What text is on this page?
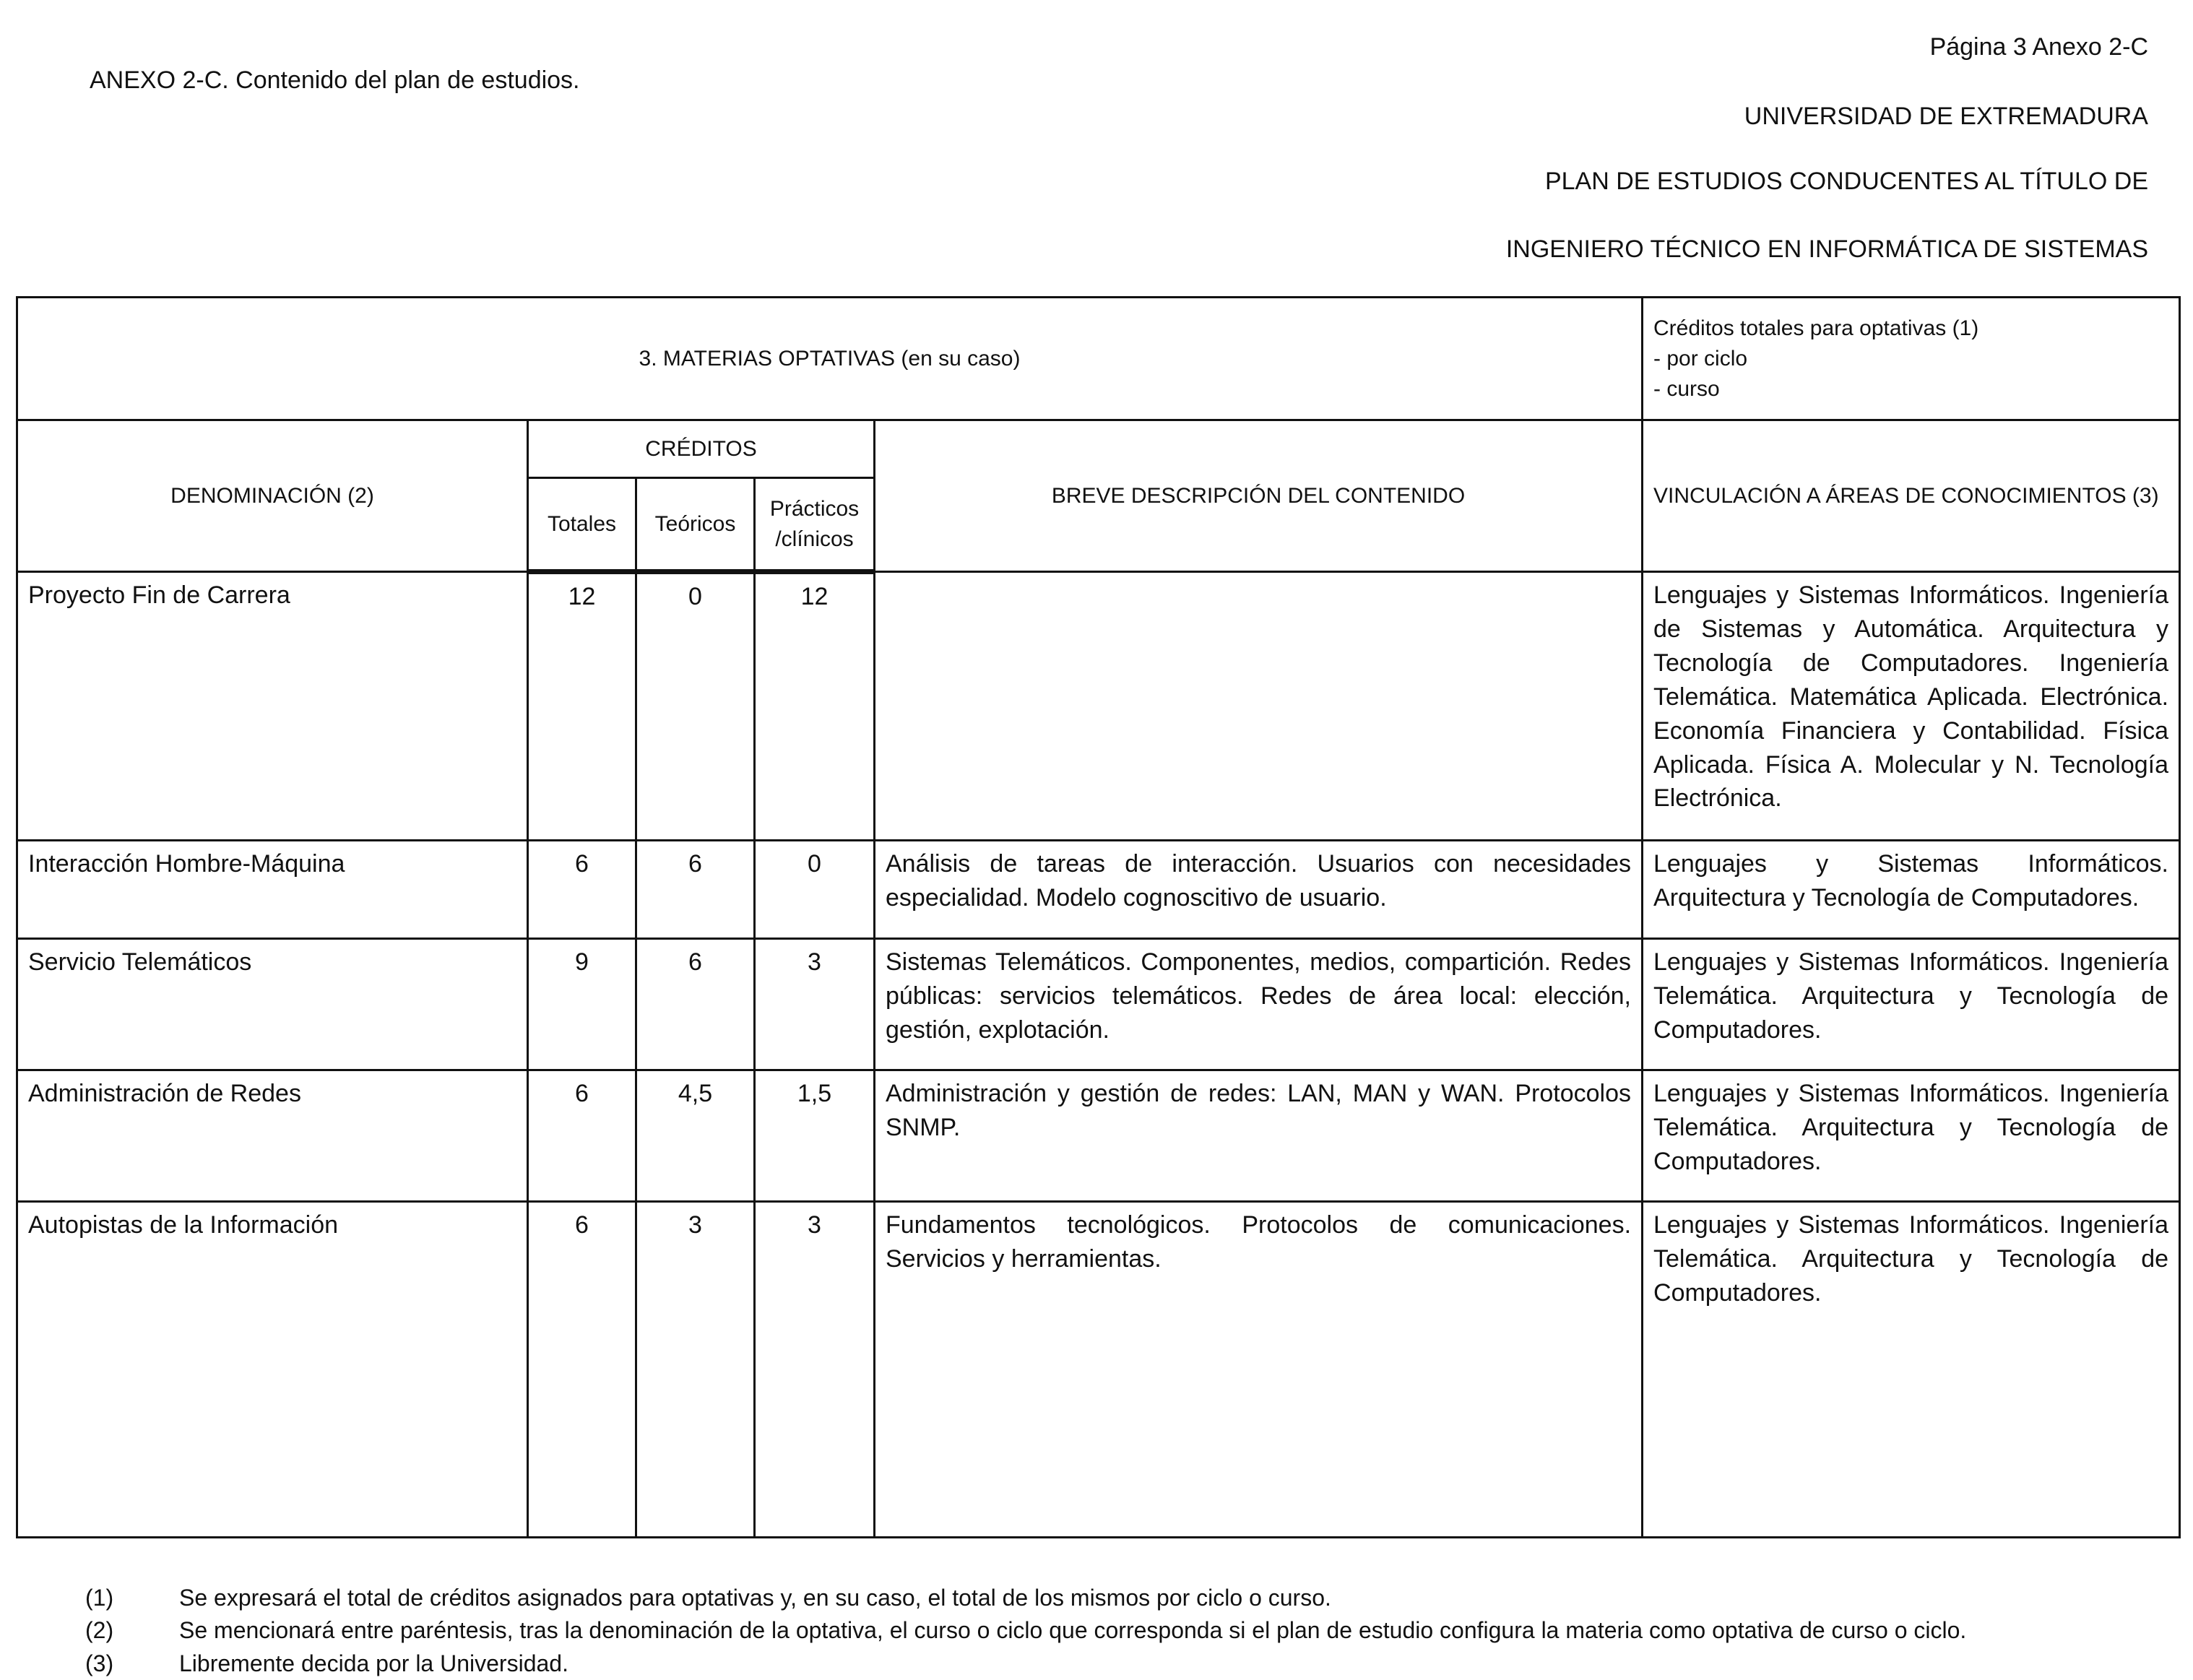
ANEXO 2-C. Contenido del plan de estudios.
Página 3 Anexo 2-C
UNIVERSIDAD DE EXTREMADURA
PLAN DE ESTUDIOS CONDUCENTES AL TÍTULO DE
INGENIERO TÉCNICO EN INFORMÁTICA DE SISTEMAS
3. MATERIAS OPTATIVAS (en su caso)					Créditos totales para optativas (1)
- por ciclo
- curso

DENOMINACIÓN (2)	CRÉDITOS			BREVE DESCRIPCIÓN DEL CONTENIDO	VINCULACIÓN A ÁREAS DE CONOCIMIENTOS (3)
	Totales	Teóricos	Prácticos
/clínicos		

Proyecto Fin de Carrera	12	0	12		Lenguajes y Sistemas Informáticos. Ingeniería de Sistemas y Automática. Arquitectura y Tecnología de Computadores. Ingeniería Telemática. Matemática Aplicada. Electrónica. Economía Financiera y Contabilidad. Física Aplicada. Física A. Molecular y N. Tecnología Electrónica.
Interacción Hombre-Máquina	6	6	0	Análisis de tareas de interacción. Usuarios con necesidades especialidad. Modelo cognoscitivo de usuario.	Lenguajes y Sistemas Informáticos. Arquitectura y Tecnología de Computadores.
Servicio Telemáticos	9	6	3	Sistemas Telemáticos. Componentes, medios, compartición. Redes públicas: servicios telemáticos. Redes de área local: elección, gestión, explotación.	Lenguajes y Sistemas Informáticos. Ingeniería Telemática. Arquitectura y Tecnología de Computadores.
Administración de Redes	6	4,5	1,5	Administración y gestión de redes: LAN, MAN y WAN. Protocolos SNMP.	Lenguajes y Sistemas Informáticos. Ingeniería Telemática. Arquitectura y Tecnología de Computadores.
Autopistas de la Información	6	3	3	Fundamentos tecnológicos. Protocolos de comunicaciones. Servicios y herramientas.	Lenguajes y Sistemas Informáticos. Ingeniería Telemática. Arquitectura y Tecnología de Computadores.
(1)	Se expresará el total de créditos asignados para optativas y, en su caso, el total de los mismos por ciclo o curso.
(2)	Se mencionará entre paréntesis, tras la denominación de la optativa, el curso o ciclo que corresponda si el plan de estudio configura la materia como optativa de curso o ciclo.
(3)	Libremente decida por la Universidad.
